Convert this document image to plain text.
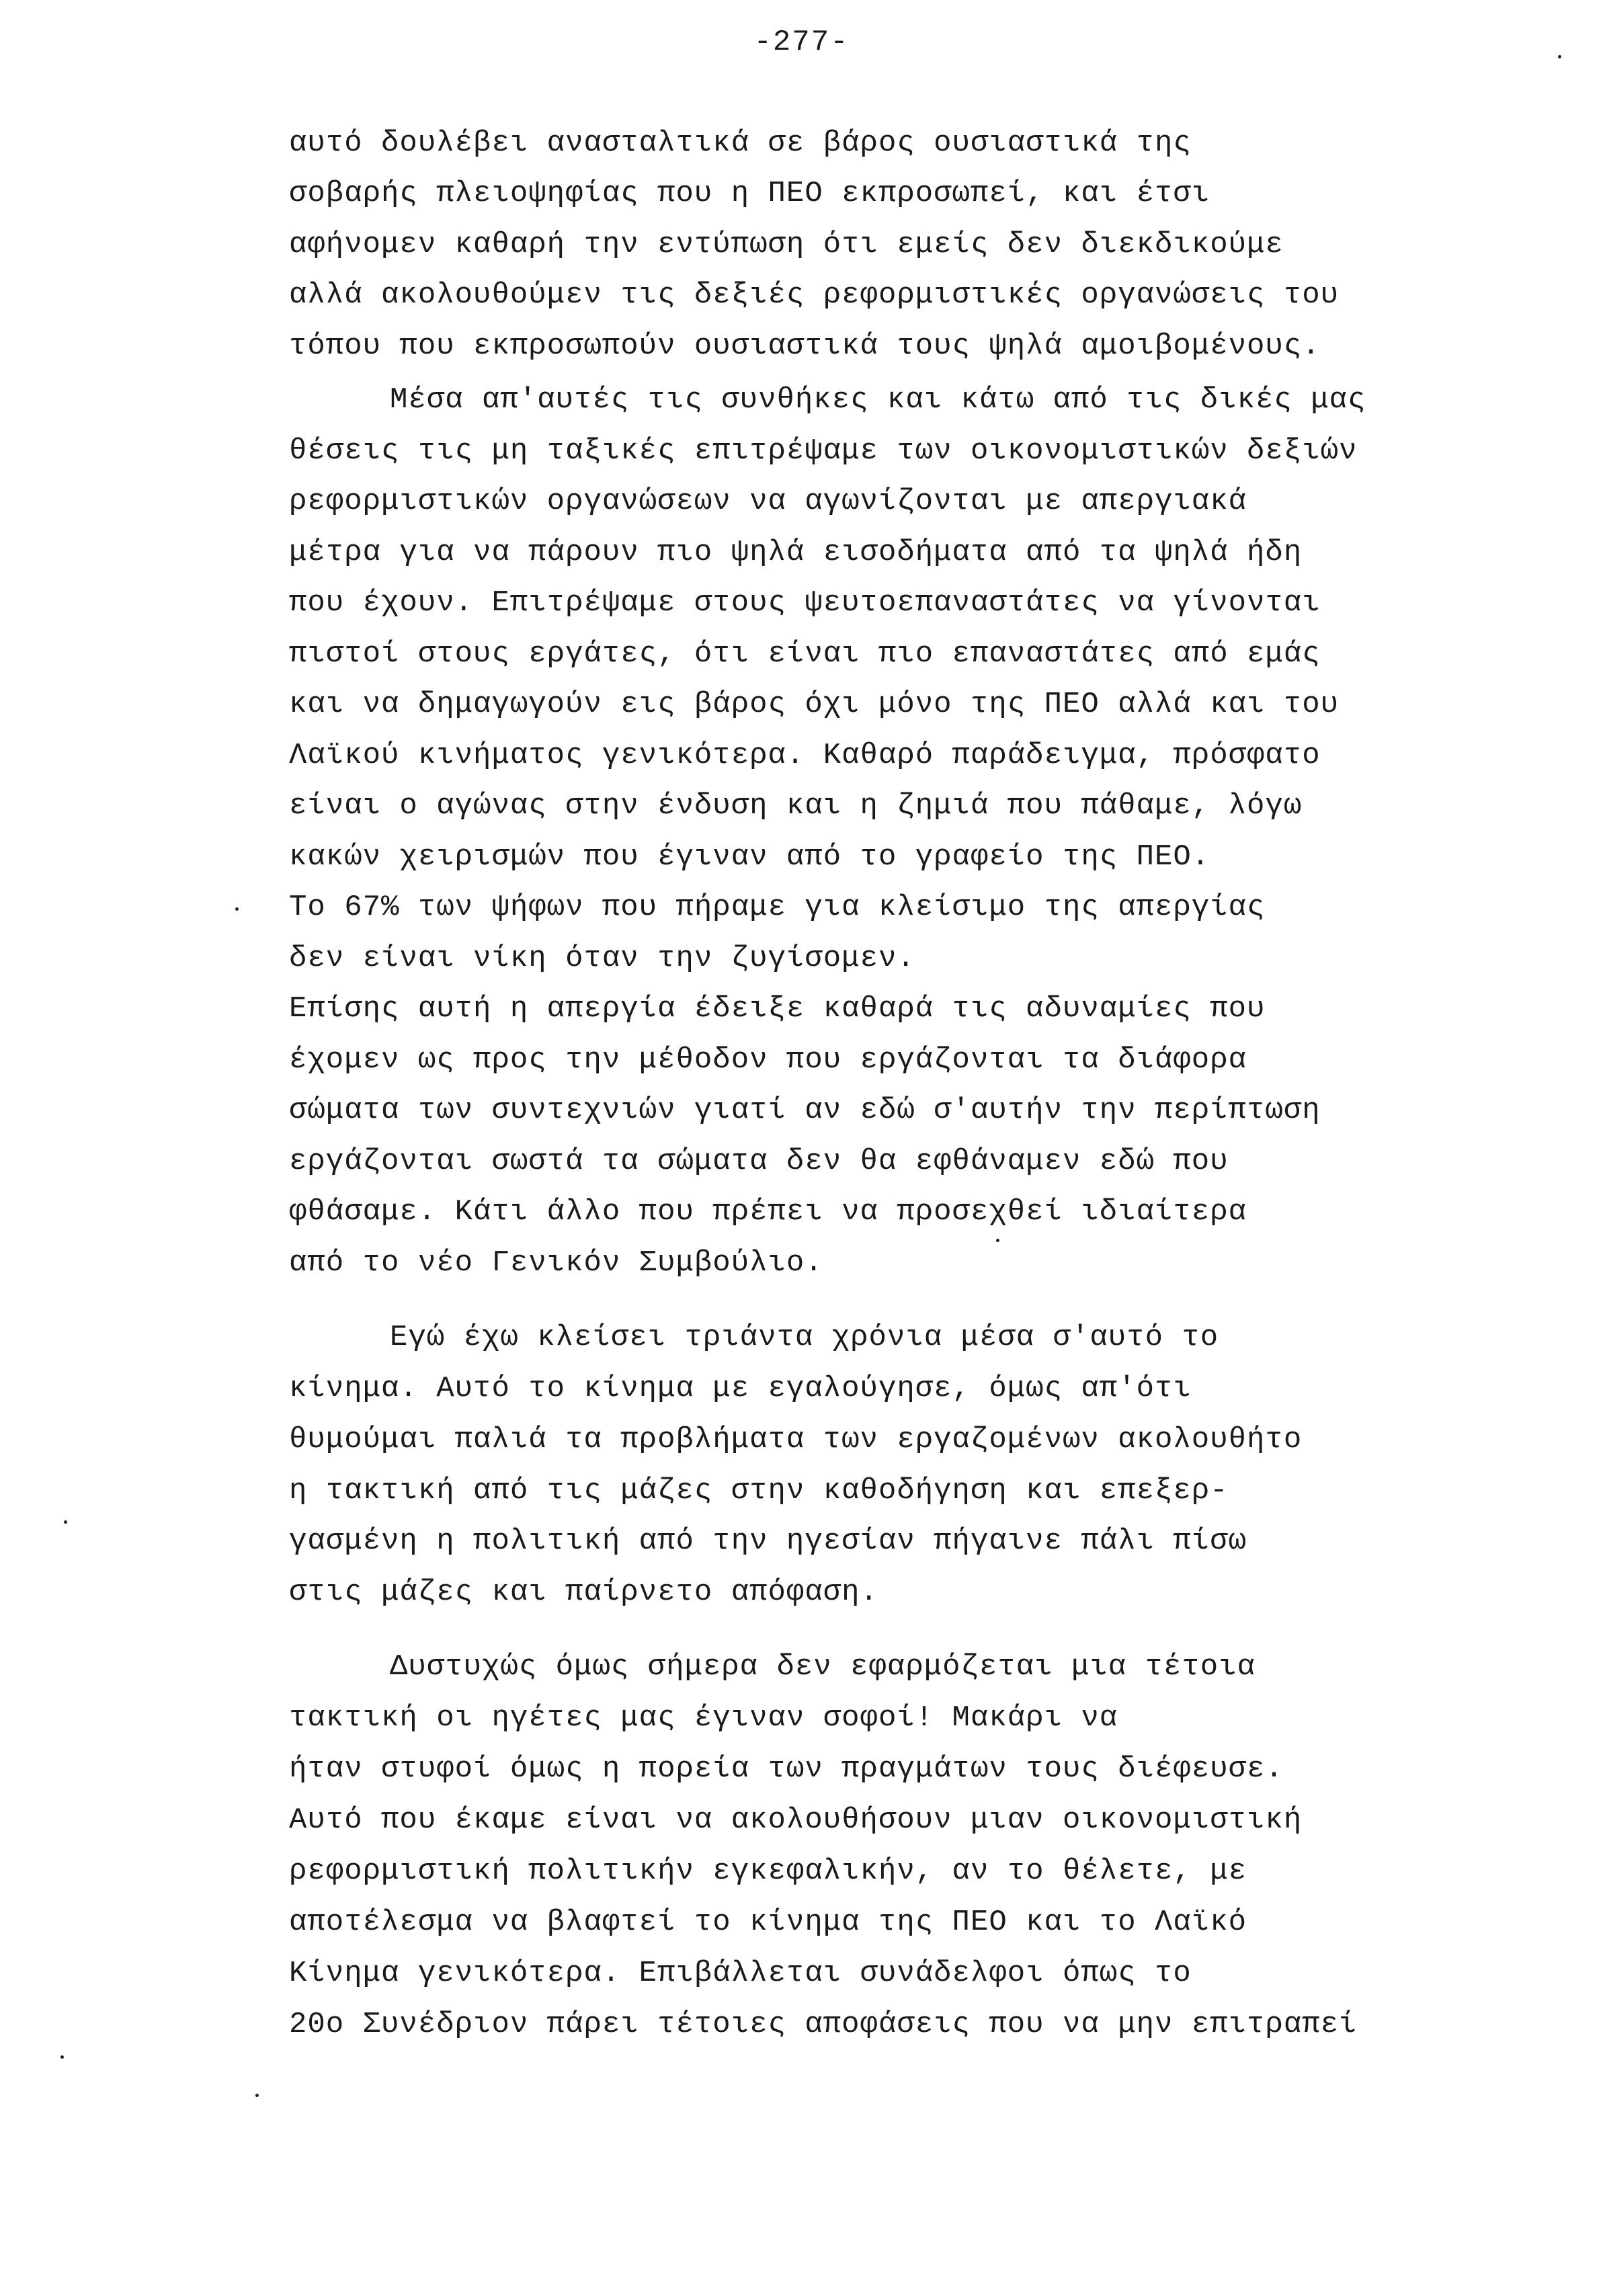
-277-
αυτό δουλέβει ανασταλτικά σε βάρος ουσιαστικά της
σοβαρής πλειοψηφίας που η ΠΕΟ εκπροσωπεί, και έτσι
αφήνομεν καθαρή την εντύπωση ότι εμείς δεν διεκδικούμε
αλλά ακολουθούμεν τις δεξιές ρεφορμιστικές οργανώσεις του
τόπου που εκπροσωπούν ουσιαστικά τους ψηλά αμοιβομένους.
Μέσα απ'αυτές τις συνθήκες και κάτω από τις δικές μας
θέσεις τις μη ταξικές επιτρέψαμε των οικονομιστικών δεξιών
ρεφορμιστικών οργανώσεων να αγωνίζονται με απεργιακά
μέτρα για να πάρουν πιο ψηλά εισοδήματα από τα ψηλά ήδη
που έχουν. Επιτρέψαμε στους ψευτοεπαναστάτες να γίνονται
πιστοί στους εργάτες, ότι είναι πιο επαναστάτες από εμάς
και να δημαγωγούν εις βάρος όχι μόνο της ΠΕΟ αλλά και του
Λαϊκού κινήματος γενικότερα. Καθαρό παράδειγμα, πρόσφατο
είναι ο αγώνας στην ένδυση και η ζημιά που πάθαμε, λόγω
κακών χειρισμών που έγιναν από το γραφείο της ΠΕΟ.
Το 67% των ψήφων που πήραμε για κλείσιμο της απεργίας
δεν είναι νίκη όταν την ζυγίσομεν.
Επίσης αυτή η απεργία έδειξε καθαρά τις αδυναμίες που
έχομεν ως προς την μέθοδον που εργάζονται τα διάφορα
σώματα των συντεχνιών γιατί αν εδώ σ'αυτήν την περίπτωση
εργάζονται σωστά τα σώματα δεν θα εφθάναμεν εδώ που
φθάσαμε. Κάτι άλλο που πρέπει να προσεχθεί ιδιαίτερα
από το νέο Γενικόν Συμβούλιο.
Εγώ έχω κλείσει τριάντα χρόνια μέσα σ'αυτό το
κίνημα. Αυτό το κίνημα με εγαλούγησε, όμως απ'ότι
θυμούμαι παλιά τα προβλήματα των εργαζομένων ακολουθήτο
η τακτική από τις μάζες στην καθοδήγηση και επεξερ-
γασμένη η πολιτική από την ηγεσίαν πήγαινε πάλι πίσω
στις μάζες και παίρνετο απόφαση.
Δυστυχώς όμως σήμερα δεν εφαρμόζεται μια τέτοια
τακτική οι ηγέτες μας έγιναν σοφοί! Μακάρι να
ήταν στυφοί όμως η πορεία των πραγμάτων τους διέφευσε.
Αυτό που έκαμε είναι να ακολουθήσουν μιαν οικονομιστική
ρεφορμιστική πολιτικήν εγκεφαλικήν, αν το θέλετε, με
αποτέλεσμα να βλαφτεί το κίνημα της ΠΕΟ και το Λαϊκό
Κίνημα γενικότερα. Επιβάλλεται συνάδελφοι όπως το
20ο Συνέδριον πάρει τέτοιες αποφάσεις που να μην επιτραπεί
